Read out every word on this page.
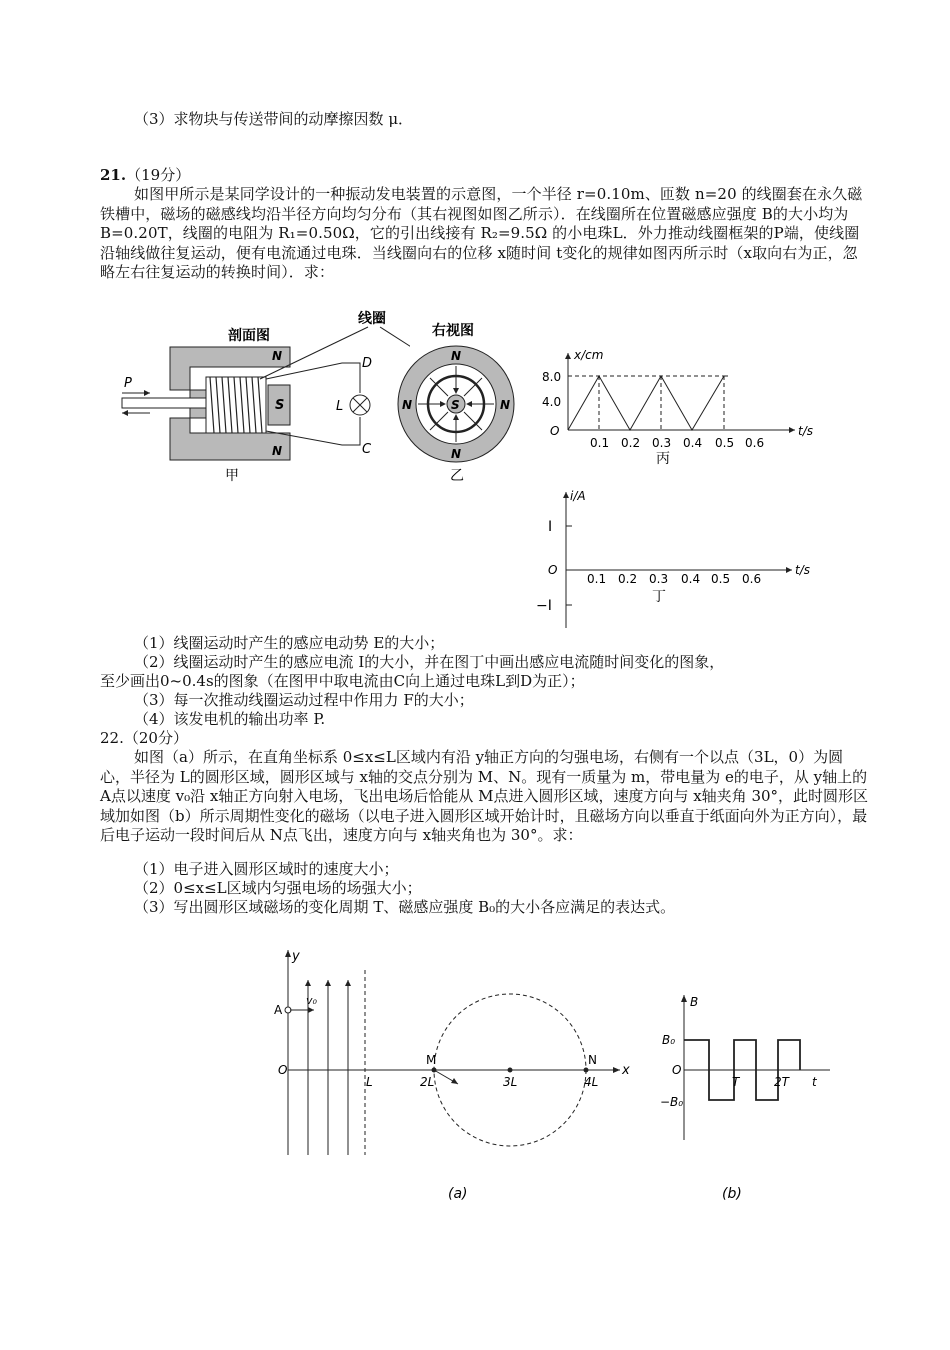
（3）求物块与传送带间的动摩擦因数 μ．

21.（19分）

如图甲所示是某同学设计的一种振动发电装置的示意图，一个半径 r=0.10m、匝数 n=20 的线圈套在永久磁铁槽中，磁场的磁感线均沿半径方向均匀分布（其右视图如图乙所示）．在线圈所在位置磁感应强度 B的大小均为 B=0.20T，线圈的电阻为 R₁=0.50Ω，它的引出线接有 R₂=9.5Ω 的小电珠L．外力推动线圈框架的P端，使线圈沿轴线做往复运动，便有电流通过电珠．当线圈向右的位移 x随时间 t变化的规律如图丙所示时（x取向右为正，忽略左右往复运动的转换时间）．求：

剖面图
S
N
N
P
D
C
L
甲
线圈
右视图
S
N
N
N	N
乙
x/cm
t/s
O
8.0
4.0
0.1 0.2 0.3 0.4 0.5 0.6
丙
i/A
t/s
O
I
−I
0.1 0.2 0.3 0.4 0.5 0.6
丁

（1）线圈运动时产生的感应电动势 E的大小；

（2）线圈运动时产生的感应电流 I的大小，并在图丁中画出感应电流随时间变化的图象，

至少画出0~0.4s的图象（在图甲中取电流由C向上通过电珠L到D为正）；

（3）每一次推动线圈运动过程中作用力 F的大小；

（4）该发电机的输出功率 P.

22.（20分）

如图（a）所示，在直角坐标系 0≤x≤L区域内有沿 y轴正方向的匀强电场，右侧有一个以点（3L，0）为圆心，半径为 L的圆形区域，圆形区域与 x轴的交点分别为 M、N。现有一质量为 m，带电量为 e的电子，从 y轴上的 A点以速度 v₀沿 x轴正方向射入电场，飞出电场后恰能从 M点进入圆形区域，速度方向与 x轴夹角 30°，此时圆形区域加如图（b）所示周期性变化的磁场（以电子进入圆形区域开始计时，且磁场方向以垂直于纸面向外为正方向），最后电子运动一段时间后从 N点飞出，速度方向与 x轴夹角也为 30°。求：

（1）电子进入圆形区域时的速度大小；

（2）0≤x≤L区域内匀强电场的场强大小；

（3）写出圆形区域磁场的变化周期 T、磁感应强度 B₀的大小各应满足的表达式。

y
x
O
A
v₀
L
M	N
2L	3L	4L
(a)
B
t
O
B₀
−B₀
T	2T
(b)
